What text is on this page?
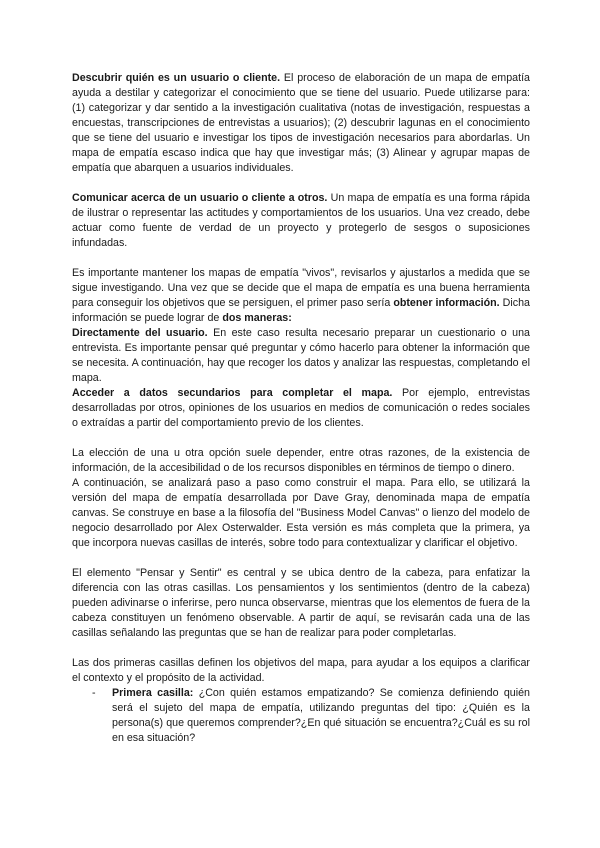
Descubrir quién es un usuario o cliente. El proceso de elaboración de un mapa de empatía ayuda a destilar y categorizar el conocimiento que se tiene del usuario. Puede utilizarse para: (1) categorizar y dar sentido a la investigación cualitativa (notas de investigación, respuestas a encuestas, transcripciones de entrevistas a usuarios); (2) descubrir lagunas en el conocimiento que se tiene del usuario e investigar los tipos de investigación necesarios para abordarlas. Un mapa de empatía escaso indica que hay que investigar más; (3) Alinear y agrupar mapas de empatía que abarquen a usuarios individuales.

Comunicar acerca de un usuario o cliente a otros. Un mapa de empatía es una forma rápida de ilustrar o representar las actitudes y comportamientos de los usuarios. Una vez creado, debe actuar como fuente de verdad de un proyecto y protegerlo de sesgos o suposiciones infundadas.

Es importante mantener los mapas de empatía "vivos", revisarlos y ajustarlos a medida que se sigue investigando. Una vez que se decide que el mapa de empatía es una buena herramienta para conseguir los objetivos que se persiguen, el primer paso sería obtener información. Dicha información se puede lograr de dos maneras:

Directamente del usuario. En este caso resulta necesario preparar un cuestionario o una entrevista. Es importante pensar qué preguntar y cómo hacerlo para obtener la información que se necesita. A continuación, hay que recoger los datos y analizar las respuestas, completando el mapa.

Acceder a datos secundarios para completar el mapa. Por ejemplo, entrevistas desarrolladas por otros, opiniones de los usuarios en medios de comunicación o redes sociales o extraídas a partir del comportamiento previo de los clientes.

La elección de una u otra opción suele depender, entre otras razones, de la existencia de información, de la accesibilidad o de los recursos disponibles en términos de tiempo o dinero.

A continuación, se analizará paso a paso como construir el mapa. Para ello, se utilizará la versión del mapa de empatía desarrollada por Dave Gray, denominada mapa de empatía canvas. Se construye en base a la filosofía del "Business Model Canvas" o lienzo del modelo de negocio desarrollado por Alex Osterwalder. Esta versión es más completa que la primera, ya que incorpora nuevas casillas de interés, sobre todo para contextualizar y clarificar el objetivo.

El elemento "Pensar y Sentir" es central y se ubica dentro de la cabeza, para enfatizar la diferencia con las otras casillas. Los pensamientos y los sentimientos (dentro de la cabeza) pueden adivinarse o inferirse, pero nunca observarse, mientras que los elementos de fuera de la cabeza constituyen un fenómeno observable. A partir de aquí, se revisarán cada una de las casillas señalando las preguntas que se han de realizar para poder completarlas.

Las dos primeras casillas definen los objetivos del mapa, para ayudar a los equipos a clarificar el contexto y el propósito de la actividad.

- Primera casilla: ¿Con quién estamos empatizando? Se comienza definiendo quién será el sujeto del mapa de empatía, utilizando preguntas del tipo: ¿Quién es la persona(s) que queremos comprender?¿En qué situación se encuentra?¿Cuál es su rol en esa situación?
